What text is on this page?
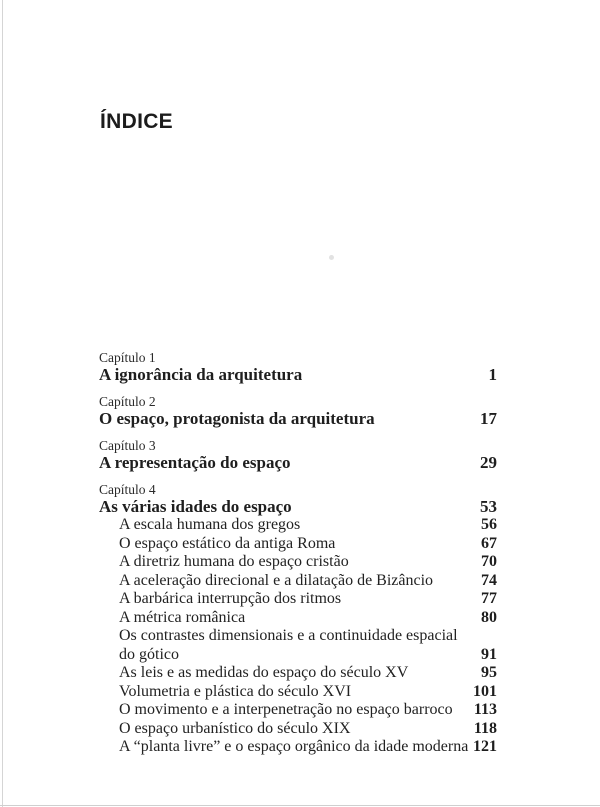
ÍNDICE
Capítulo 1
A ignorância da arquitetura	1
Capítulo 2
O espaço, protagonista da arquitetura	17
Capítulo 3
A representação do espaço	29
Capítulo 4
As várias idades do espaço	53
A escala humana dos gregos	56
O espaço estático da antiga Roma	67
A diretriz humana do espaço cristão	70
A aceleração direcional e a dilatação de Bizâncio	74
A barbárica interrupção dos ritmos	77
A métrica românica	80
Os contrastes dimensionais e a continuidade espacial do gótico	91
As leis e as medidas do espaço do século XV	95
Volumetria e plástica do século XVI	101
O movimento e a interpenetração no espaço barroco	113
O espaço urbanístico do século XIX	118
A “planta livre” e o espaço orgânico da idade moderna 121
